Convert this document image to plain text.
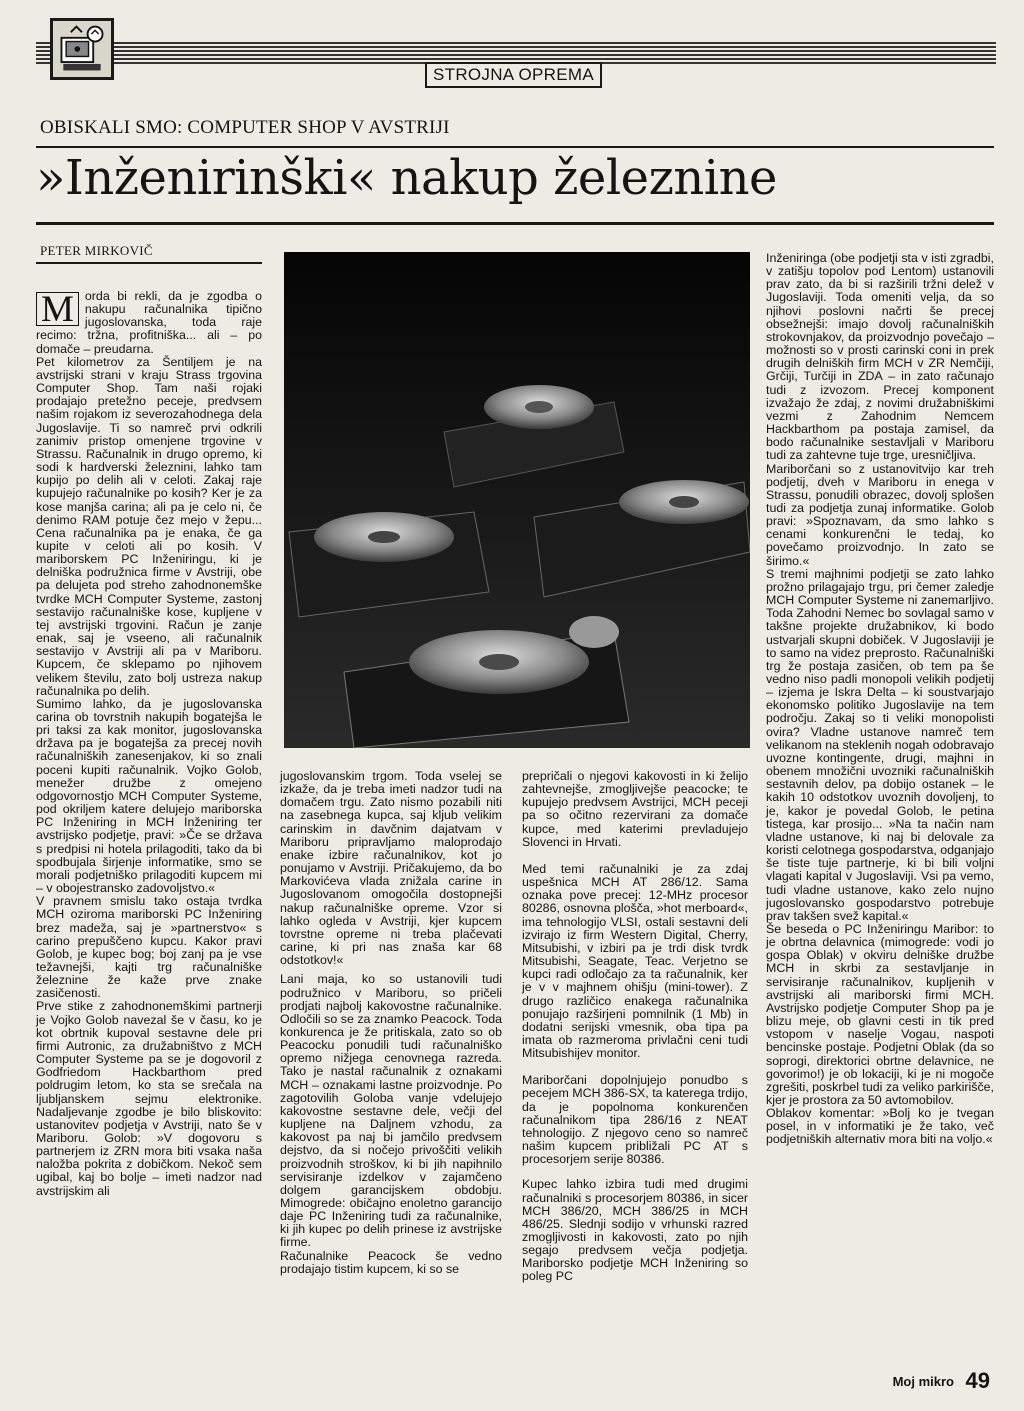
STROJNA OPREMA
OBISKALI SMO: COMPUTER SHOP V AVSTRIJI
»Inženirinški« nakup železnine
PETER MIRKOVIČ

M orda bi rekli, da je zgodba o nakupu računalnika tipično jugoslovanska, toda raje recimo: tržna, profitniška... ali – po domače – preudarna.

Pet kilometrov za Šentiljem je na avstrijski strani v kraju Strass trgovina Computer Shop. Tam naši rojaki prodajajo pretežno peceje, predvsem našim rojakom iz severozahodnega dela Jugoslavije. Ti so namreč prvi odkrili zanimiv pristop omenjene trgovine v Strassu. Računalnik in drugo opremo, ki sodi k hardverski železnini, lahko tam kupijo po delih ali v celoti. Zakaj raje kupujejo računalnike po kosih? Ker je za kose manjša carina; ali pa je celo ni, če denimo RAM potuje čez mejo v žepu... Cena računalnika pa je enaka, če ga kupite v celoti ali po kosih. V mariborskem PC Inženiringu, ki je delniška podružnica firme v Avstriji, obe pa delujeta pod streho zahodnonemške tvrdke MCH Computer Systeme, zastonj sestavijo računalniške kose, kupljene v tej avstrijski trgovini. Račun je zanje enak, saj je vseeno, ali računalnik sestavijo v Avstriji ali pa v Mariboru. Kupcem, če sklepamo po njihovem velikem številu, zato bolj ustreza nakup računalnika po delih.

Sumimo lahko, da je jugoslovanska carina ob tovrstnih nakupih bogatejša le pri taksi za kak monitor, jugoslovanska država pa je bogatejša za precej novih računalniških zanesenjakov, ki so znali poceni kupiti računalnik. Vojko Golob, menežer družbe z omejeno odgovornostjo MCH Computer Systeme, pod okriljem katere delujejo mariborska PC Inženiring in MCH Inženiring ter avstrijsko podjetje, pravi: »Če se država s predpisi ni hotela prilagoditi, tako da bi spodbujala širjenje informatike, smo se morali podjetniško prilagoditi kupcem mi – v obojestransko zadovoljstvo.«

V pravnem smislu tako ostaja tvrdka MCH oziroma mariborski PC Inženiring brez madeža, saj je »partnerstvo« s carino prepuščeno kupcu. Kakor pravi Golob, je kupec bog; boj zanj pa je vse težavnejši, kajti trg računalniške železnine že kaže prve znake zasičenosti.

Prve stike z zahodnonemškimi partnerji je Vojko Golob navezal še v času, ko je kot obrtnik kupoval sestavne dele pri firmi Autronic, za družabništvo z MCH Computer Systeme pa se je dogovoril z Godfriedom Hackbarthom pred poldrugim letom, ko sta se srečala na ljubljanskem sejmu elektronike. Nadaljevanje zgodbe je bilo bliskovito: ustanovitev podjetja v Avstriji, nato še v Mariboru. Golob: »V dogovoru s partnerjem iz ZRN mora biti vsaka naša naložba pokrita z dobičkom. Nekoč sem ugibal, kaj bo bolje – imeti nadzor nad avstrijskim ali

jugoslovanskim trgom. Toda vselej se izkaže, da je treba imeti nadzor tudi na domačem trgu. Zato nismo pozabili niti na zasebnega kupca, saj kljub velikim carinskim in davčnim dajatvam v Mariboru pripravljamo maloprodajo enake izbire računalnikov, kot jo ponujamo v Avstriji. Pričakujemo, da bo Markovićeva vlada znižala carine in Jugoslovanom omogočila dostopnejši nakup računalniške opreme. Vzor si lahko ogleda v Avstriji, kjer kupcem tovrstne opreme ni treba plačevati carine, ki pri nas znaša kar 68 odstotkov!«

Lani maja, ko so ustanovili tudi podružnico v Mariboru, so pričeli prodjati najbolj kakovostne računalnike. Odločili so se za znamko Peacock. Toda konkurenca je že pritiskala, zato so ob Peacocku ponudili tudi računalniško opremo nižjega cenovnega razreda. Tako je nastal računalnik z oznakami MCH – oznakami lastne proizvodnje. Po zagotovilih Goloba vanje vdelujejo kakovostne sestavne dele, večji del kupljene na Daljnem vzhodu, za kakovost pa naj bi jamčilo predvsem dejstvo, da si nočejo privoščiti velikih proizvodnih stroškov, ki bi jih napihnilo servisiranje izdelkov v zajamčeno dolgem garancijskem obdobju. Mimogrede: običajno enoletno garancijo daje PC Inženiring tudi za računalnike, ki jih kupec po delih prinese iz avstrijske firme.

Računalnike Peacock še vedno prodajajo tistim kupcem, ki so se

prepričali o njegovi kakovosti in ki želijo zahtevnejše, zmogljivejše peacocke; te kupujejo predvsem Avstrijci, MCH peceji pa so očitno rezervirani za domače kupce, med katerimi prevladujejo Slovenci in Hrvati.

Med temi računalniki je za zdaj uspešnica MCH AT 286/12. Sama oznaka pove precej: 12-MHz procesor 80286, osnovna plošča, »hot merboard«, ima tehnologijo VLSI, ostali sestavni deli izvirajo iz firm Western Digital, Cherry, Mitsubishi, v izbiri pa je trdi disk tvrdk Mitsubishi, Seagate, Teac. Verjetno se kupci radi odločajo za ta računalnik, ker je v v majhnem ohišju (mini-tower). Z drugo različico enakega računalnika ponujajo razširjeni pomnilnik (1 Mb) in dodatni serijski vmesnik, oba tipa pa imata ob razmeroma privlačni ceni tudi Mitsubishijev monitor.

Mariborčani dopolnjujejo ponudbo s pecejem MCH 386-SX, ta katerega trdijo, da je popolnoma konkurenčen računalnikom tipa 286/16 z NEAT tehnologijo. Z njegovo ceno so namreč našim kupcem približali PC AT s procesorjem serije 80386.

Kupec lahko izbira tudi med drugimi računalniki s procesorjem 80386, in sicer MCH 386/20, MCH 386/25 in MCH 486/25. Slednji sodijo v vrhunski razred zmogljivosti in kakovosti, zato po njih segajo predvsem večja podjetja. Mariborsko podjetje MCH Inženiring so poleg PC

Inženiringa (obe podjetji sta v isti zgradbi, v zatišju topolov pod Lentom) ustanovili prav zato, da bi si razširili tržni delež v Jugoslaviji. Toda omeniti velja, da so njihovi poslovni načrti še precej obsežnejši: imajo dovolj računalniških strokovnjakov, da proizvodnjo povečajo – možnosti so v prosti carinski coni in prek drugih delniških firm MCH v ZR Nemčiji, Grčiji, Turčiji in ZDA – in zato računajo tudi z izvozom. Precej komponent izvažajo že zdaj, z novimi družabniškimi vezmi z Zahodnim Nemcem Hackbarthom pa postaja zamisel, da bodo računalnike sestavljali v Mariboru tudi za zahtevne tuje trge, uresničljiva.

Mariborčani so z ustanovitvijo kar treh podjetij, dveh v Mariboru in enega v Strassu, ponudili obrazec, dovolj splošen tudi za podjetja zunaj informatike. Golob pravi: »Spoznavam, da smo lahko s cenami konkurenčni le tedaj, ko povečamo proizvodnjo. In zato se širimo.«

S tremi majhnimi podjetji se zato lahko prožno prilagajajo trgu, pri čemer zaledje MCH Computer Systeme ni zanemarljivo. Toda Zahodni Nemec bo sovlagal samo v takšne projekte družabnikov, ki bodo ustvarjali skupni dobiček. V Jugoslaviji je to samo na videz preprosto. Računalniški trg že postaja zasičen, ob tem pa še vedno niso padli monopoli velikih podjetij – izjema je Iskra Delta – ki soustvarjajo ekonomsko politiko Jugoslavije na tem področju. Zakaj so ti veliki monopolisti ovira? Vladne ustanove namreč tem velikanom na steklenih nogah odobravajo uvozne kontingente, drugi, majhni in obenem množični uvozniki računalniških sestavnih delov, pa dobijo ostanek – le kakih 10 odstotkov uvoznih dovoljenj, to je, kakor je povedal Golob, le petina tistega, kar prosijo... »Na ta način nam vladne ustanove, ki naj bi delovale za koristi celotnega gospodarstva, odganjajo še tiste tuje partnerje, ki bi bili voljni vlagati kapital v Jugoslaviji. Vsi pa vemo, tudi vladne ustanove, kako zelo nujno jugoslovansko gospodarstvo potrebuje prav takšen svež kapital.«

Še beseda o PC Inženiringu Maribor: to je obrtna delavnica (mimogrede: vodi jo gospa Oblak) v okviru delniške družbe MCH in skrbi za sestavljanje in servisiranje računalnikov, kupljenih v avstrijski ali mariborski firmi MCH. Avstrijsko podjetje Computer Shop pa je blizu meje, ob glavni cesti in tik pred vstopom v naselje Vogau, naspoti bencinske postaje. Podjetni Oblak (da so soprogi, direktorici obrtne delavnice, ne govorimo!) je ob lokaciji, ki je ni mogoče zgrešiti, poskrbel tudi za veliko parkirišče, kjer je prostora za 50 avtomobilov.

Oblakov komentar: »Bolj ko je tvegan posel, in v informatiki je že tako, več podjetniških alternativ mora biti na voljo.«

Moj mikro 49
